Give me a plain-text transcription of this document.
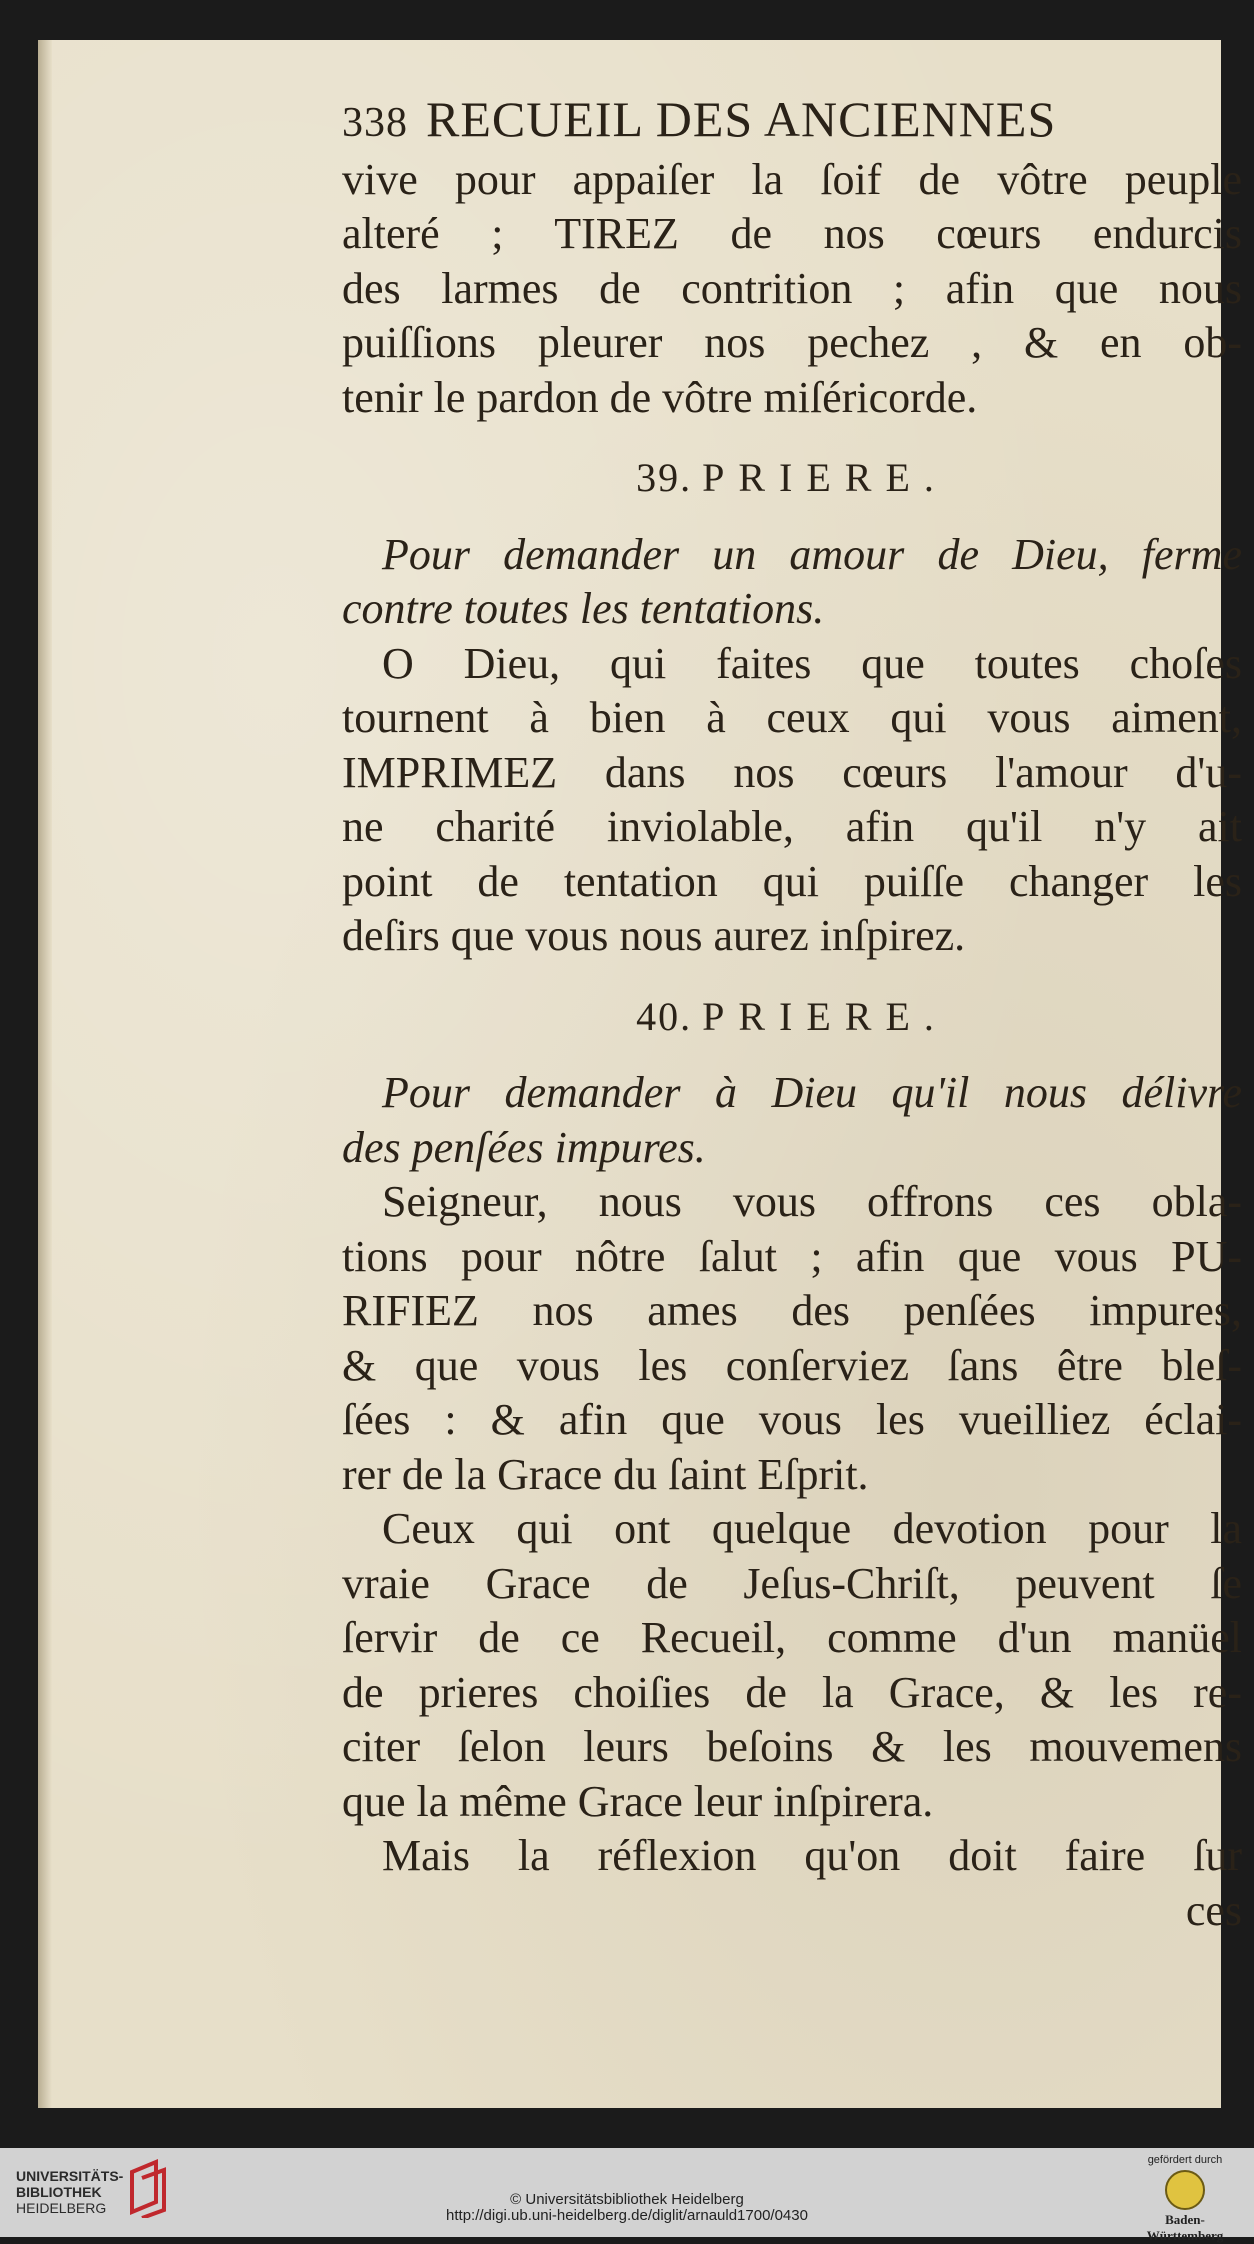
338 RECUEIL DES ANCIENNES
vive pour appaiſer la ſoif de vôtre peuple
alteré ; TIREZ de nos cœurs endurcis
des larmes de contrition ; afin que nous
puiſſions pleurer nos pechez , & en ob-
tenir le pardon de vôtre miſéricorde.
39. PRIERE.
Pour demander un amour de Dieu, ferme
contre toutes les tentations.
O Dieu, qui faites que toutes choſes
tournent à bien à ceux qui vous aiment,
IMPRIMEZ dans nos cœurs l'amour d'u-
ne charité inviolable, afin qu'il n'y ait
point de tentation qui puiſſe changer les
deſirs que vous nous aurez inſpirez.
40. PRIERE.
Pour demander à Dieu qu'il nous délivre
des penſées impures.
Seigneur, nous vous offrons ces obla-
tions pour nôtre ſalut ; afin que vous PU-
RIFIEZ nos ames des penſées impures,
& que vous les conſerviez ſans être bleſ-
ſées : & afin que vous les vueilliez éclai-
rer de la Grace du ſaint Eſprit.
Ceux qui ont quelque devotion pour la
vraie Grace de Jeſus-Chriſt, peuvent ſe
ſervir de ce Recueil, comme d'un manüel
de prieres choiſies de la Grace, & les re-
citer ſelon leurs beſoins & les mouvemens
que la même Grace leur inſpirera.
Mais la réflexion qu'on doit faire ſur
ces
UNIVERSITÄTS-
BIBLIOTHEK
HEIDELBERG	© Universitätsbibliothek Heidelberg
http://digi.ub.uni-heidelberg.de/diglit/arnauld1700/0430
gefördert durch
Baden-Württemberg
